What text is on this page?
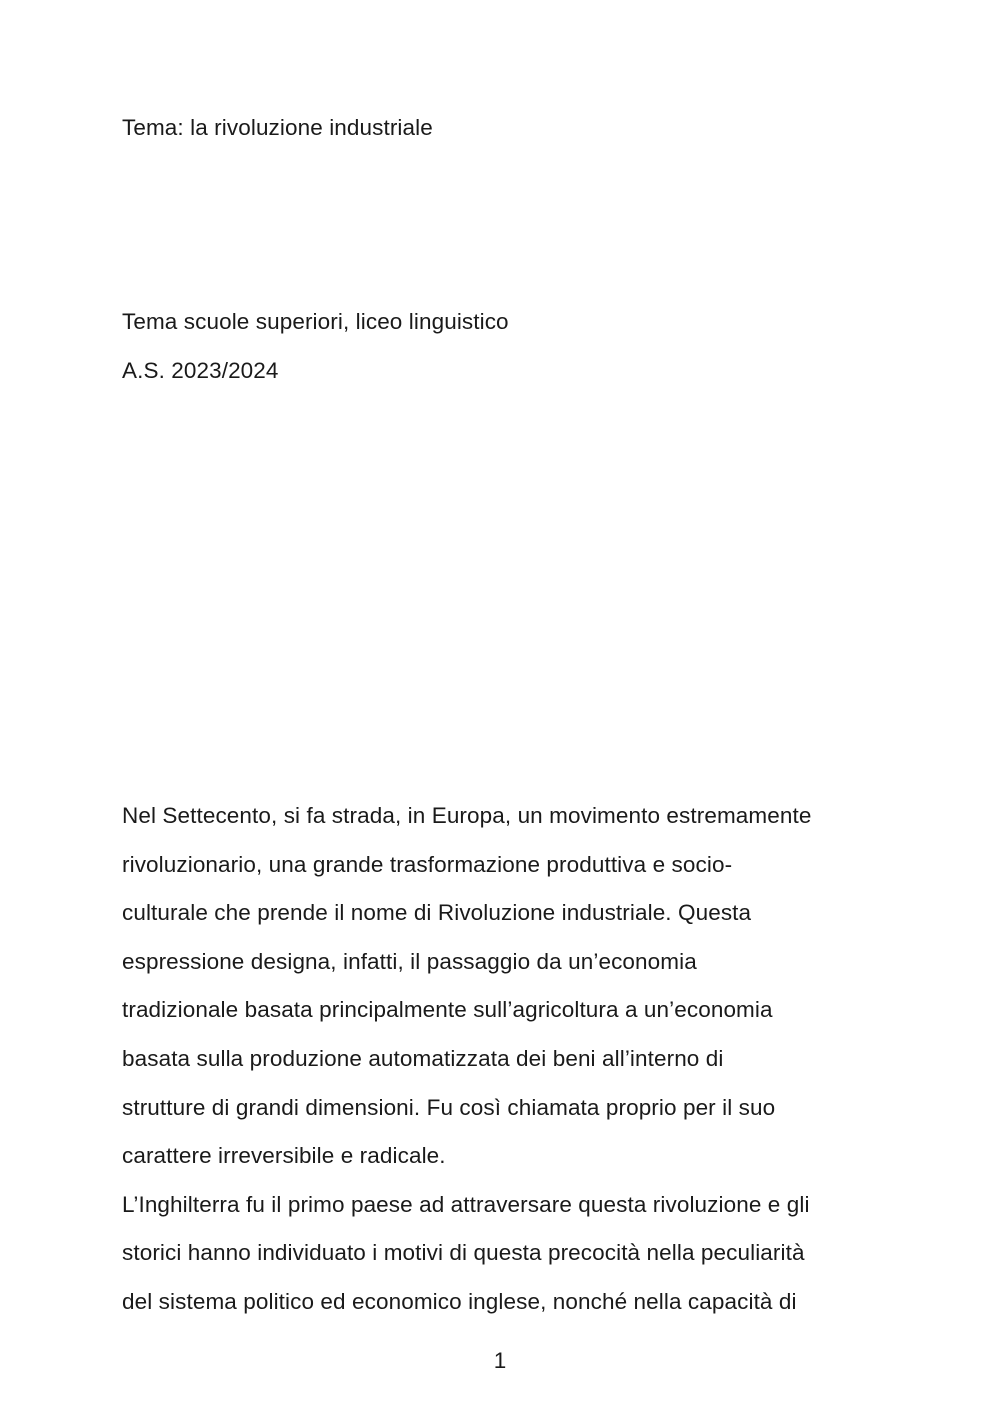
Tema: la rivoluzione industriale
Tema scuole superiori, liceo linguistico
A.S. 2023/2024
Nel Settecento, si fa strada, in Europa, un movimento estremamente
rivoluzionario, una grande trasformazione produttiva e socio-
culturale che prende il nome di Rivoluzione industriale. Questa
espressione designa, infatti, il passaggio da un’economia
tradizionale basata principalmente sull’agricoltura a un’economia
basata sulla produzione automatizzata dei beni all’interno di
strutture di grandi dimensioni. Fu così chiamata proprio per il suo
carattere irreversibile e radicale.
L’Inghilterra fu il primo paese ad attraversare questa rivoluzione e gli
storici hanno individuato i motivi di questa precocità nella peculiarità
del sistema politico ed economico inglese, nonché nella capacità di
1
